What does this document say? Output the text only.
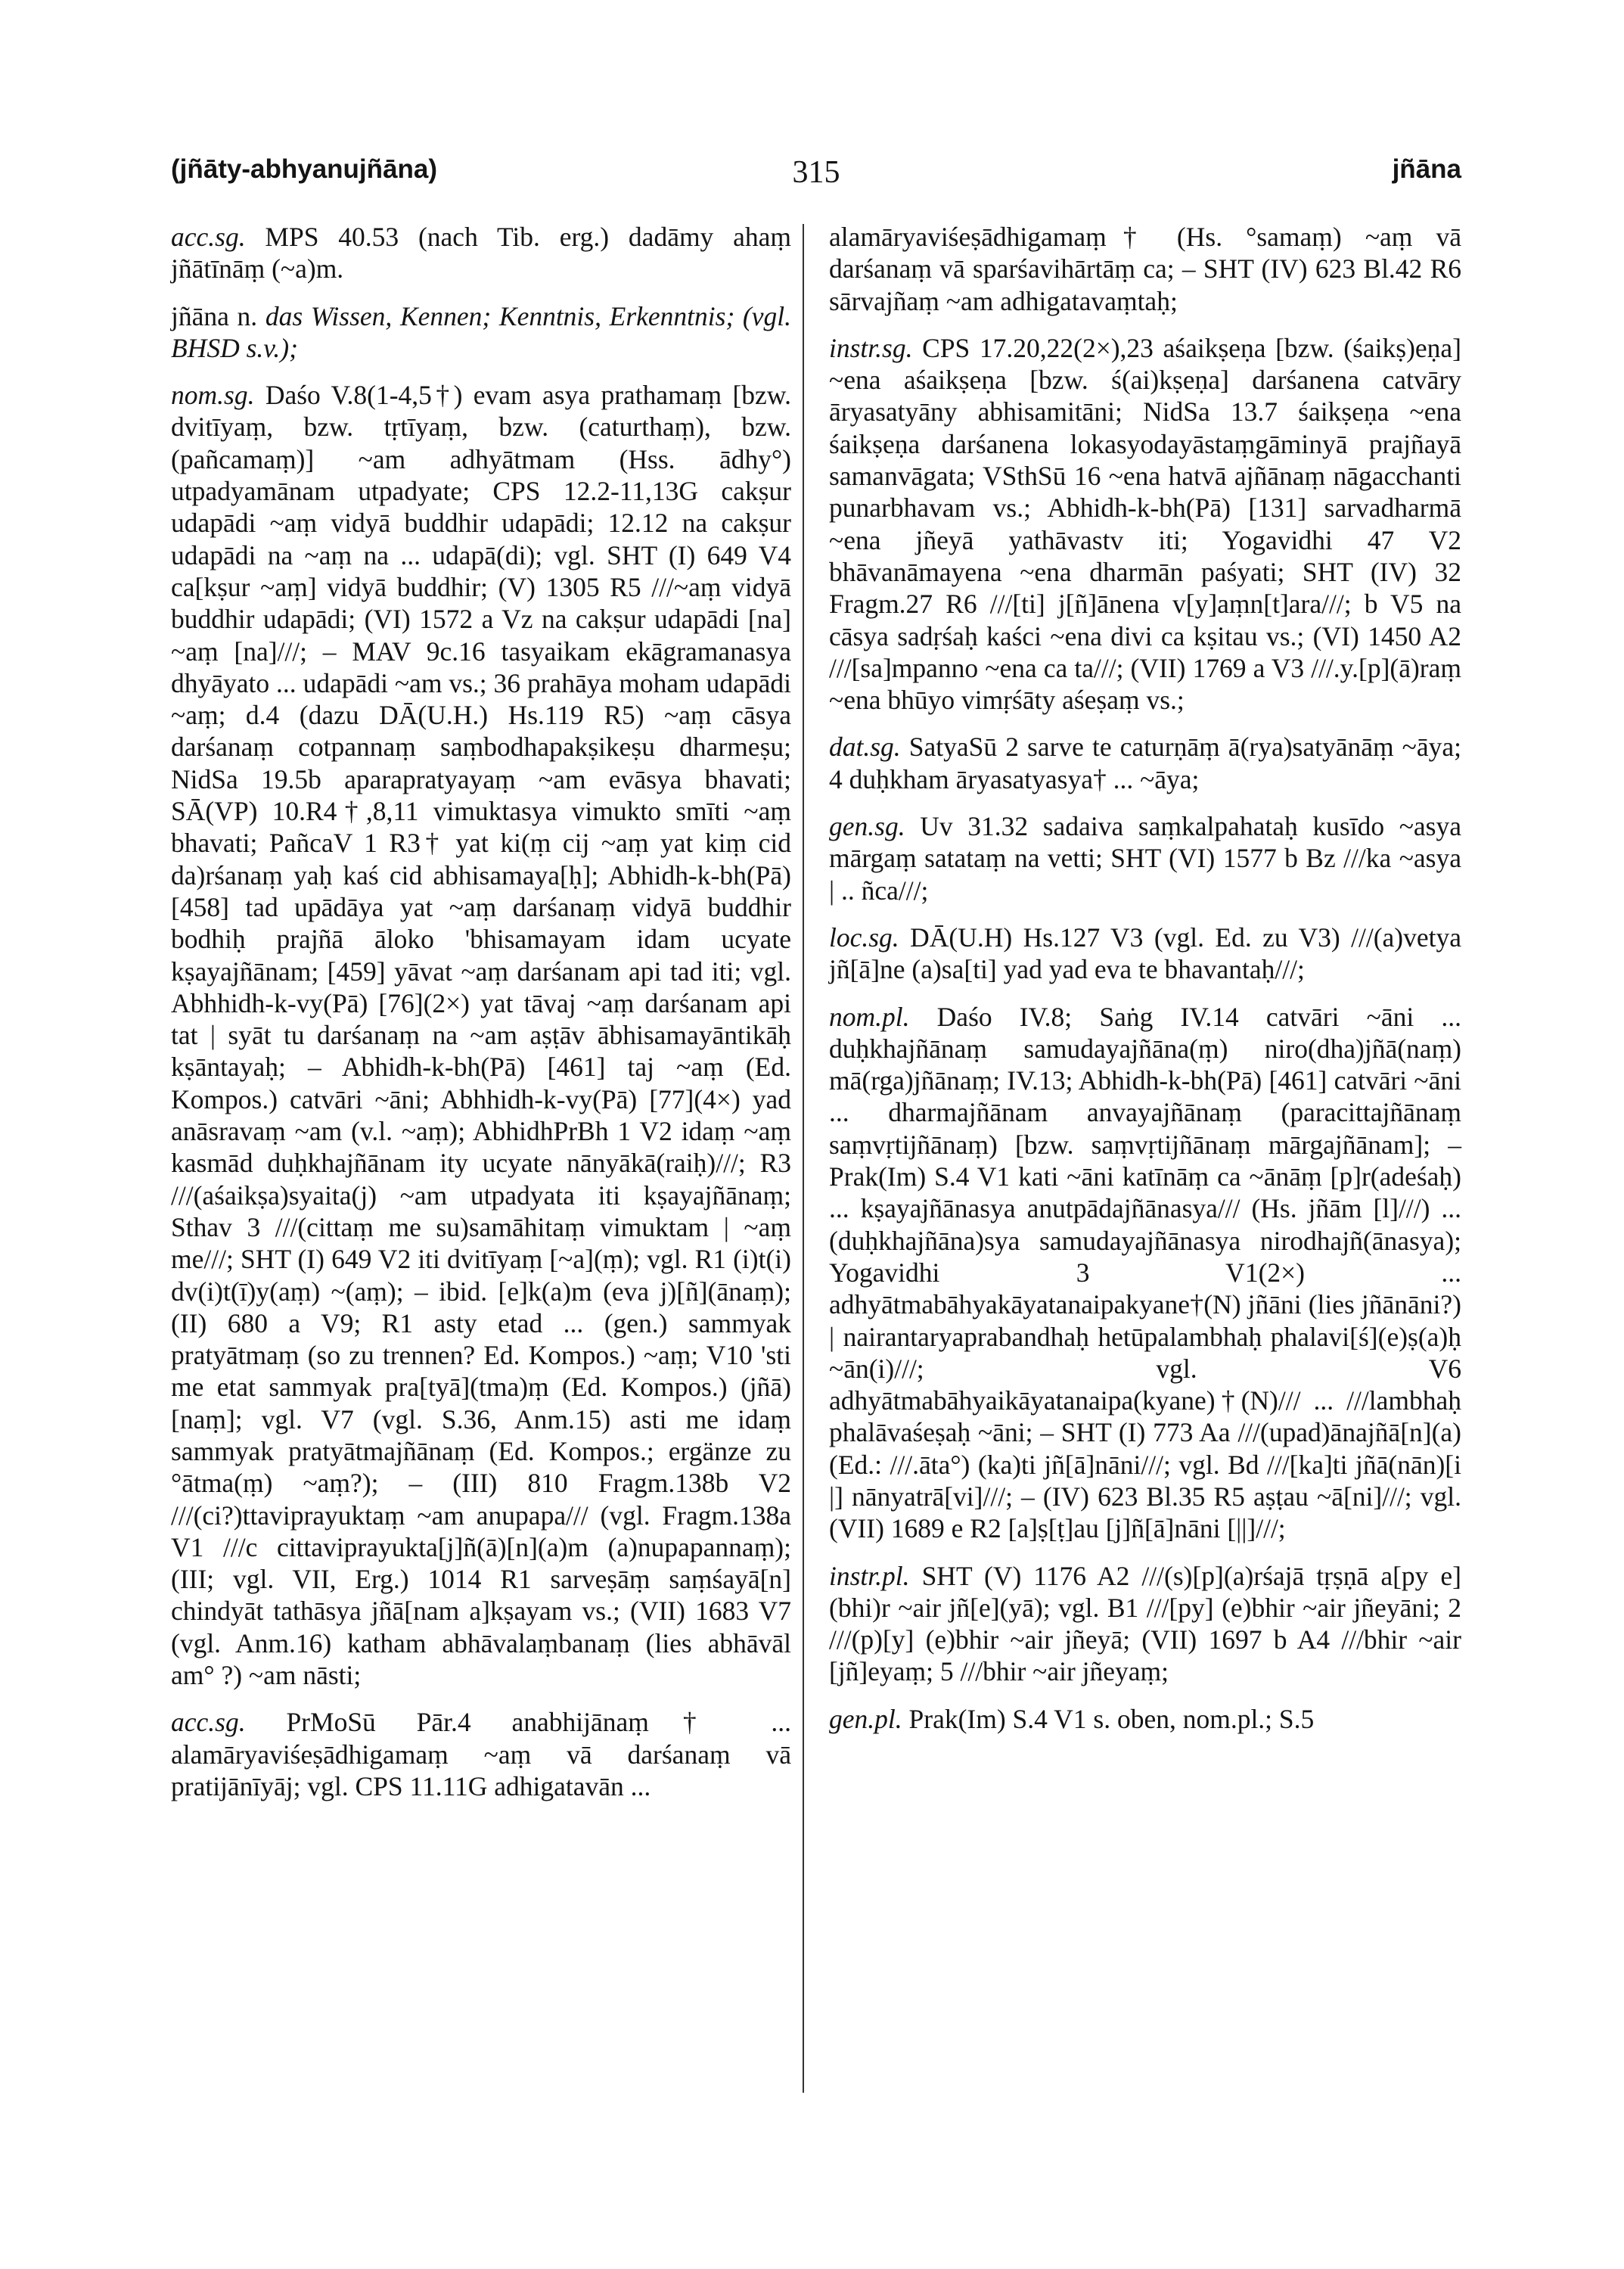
(jñāty-abhyanujñāna)	315	jñāna

acc.sg. MPS 40.53 (nach Tib. erg.) dadāmy ahaṃ jñātīnāṃ (~a)m.

jñāna n. das Wissen, Kennen; Kenntnis, Erkenntnis; (vgl. BHSD s.v.);

nom.sg. Daśo V.8(1-4,5†) evam asya prathamaṃ [bzw. dvitīyaṃ, bzw. tṛtīyaṃ, bzw. (caturthaṃ), bzw. (pañcamaṃ)] ~am adhyātmam (Hss. ādhy°) utpadyamānam utpadyate; CPS 12.2-11,13G cakṣur udapādi ~aṃ vidyā buddhir udapādi; 12.12 na cakṣur udapādi na ~aṃ na ... udapā(di); vgl. SHT (I) 649 V4 ca[kṣur ~aṃ] vidyā buddhir; (V) 1305 R5 ///~aṃ vidyā buddhir udapādi; (VI) 1572 a Vz na cakṣur udapādi [na] ~aṃ [na]///; – MAV 9c.16 tasyaikam ekāgramanasya dhyāyato ... udapādi ~am vs.; 36 prahāya moham udapādi ~aṃ; d.4 (dazu DĀ(U.H.) Hs.119 R5) ~aṃ cāsya darśanaṃ cotpannaṃ saṃbodhapakṣikeṣu dharmeṣu; NidSa 19.5b aparapratyayaṃ ~am evāsya bhavati; SĀ(VP) 10.R4†,8,11 vimuktasya vimukto smīti ~aṃ bhavati; PañcaV 1 R3† yat ki(ṃ cij ~aṃ yat kiṃ cid da)rśanaṃ yaḥ kaś cid abhisamaya[ḥ]; Abhidh-k-bh(Pā) [458] tad upādāya yat ~aṃ darśanaṃ vidyā buddhir bodhiḥ prajñā āloko 'bhisamayam idam ucyate kṣayajñānam; [459] yāvat ~aṃ darśanam api tad iti; vgl. Abhhidh-k-vy(Pā) [76](2×) yat tāvaj ~aṃ darśanam api tat | syāt tu darśanaṃ na ~am aṣṭāv ābhisamayāntikāḥ kṣāntayaḥ; – Abhidh-k-bh(Pā) [461] taj ~aṃ (Ed. Kompos.) catvāri ~āni; Abhhidh-k-vy(Pā) [77](4×) yad anāsravaṃ ~am (v.l. ~aṃ); AbhidhPrBh 1 V2 idaṃ ~aṃ kasmād duḥkhajñānam ity ucyate nānyākā(raiḥ)///; R3 ///(aśaikṣa)syaita(j) ~am utpadyata iti kṣayajñānaṃ; Sthav 3 ///(cittaṃ me su)samāhitaṃ vimuktam | ~aṃ me///; SHT (I) 649 V2 iti dvitīyaṃ [~a](ṃ); vgl. R1 (i)t(i) dv(i)t(ī)y(aṃ) ~(aṃ); – ibid. [e]k(a)m (eva j)[ñ](ānaṃ); (II) 680 a V9; R1 asty etad ... (gen.) sammyak pratyātmaṃ (so zu trennen? Ed. Kompos.) ~aṃ; V10 'sti me etat sammyak pra[tyā](tma)ṃ (Ed. Kompos.) (jñā)[naṃ]; vgl. V7 (vgl. S.36, Anm.15) asti me idaṃ sammyak pratyātmajñānaṃ (Ed. Kompos.; ergänze zu °ātma(ṃ) ~aṃ?); – (III) 810 Fragm.138b V2 ///(ci?)ttaviprayuktaṃ ~am anupapa/// (vgl. Fragm.138a V1 ///c cittaviprayukta[j]ñ(ā)[n](a)m (a)nupapannaṃ); (III; vgl. VII, Erg.) 1014 R1 sarveṣāṃ saṃśayā[n] chindyāt tathāsya jñā[nam a]kṣayam vs.; (VII) 1683 V7 (vgl. Anm.16) katham abhāvalaṃbanaṃ (lies abhāvāl am° ?) ~am nāsti;

acc.sg. PrMoSū Pār.4 anabhijānaṃ† ... alamāryaviśeṣādhigamaṃ ~aṃ vā darśanaṃ vā pratijānīyāj; vgl. CPS 11.11G adhigatavān ...

alamāryaviśeṣādhigamaṃ† (Hs. °samaṃ) ~aṃ vā darśanaṃ vā sparśavihārtāṃ ca; – SHT (IV) 623 Bl.42 R6 sārvajñaṃ ~am adhigatavaṃtaḥ;

instr.sg. CPS 17.20,22(2×),23 aśaikṣeṇa [bzw. (śaikṣ)eṇa] ~ena aśaikṣeṇa [bzw. ś(ai)kṣeṇa] darśanena catvāry āryasatyāny abhisamitāni; NidSa 13.7 śaikṣeṇa ~ena śaikṣeṇa darśanena lokasyodayāstaṃgāminyā prajñayā samanvāgata; VSthSū 16 ~ena hatvā ajñānaṃ nāgacchanti punarbhavam vs.; Abhidh-k-bh(Pā) [131] sarvadharmā ~ena jñeyā yathāvastv iti; Yogavidhi 47 V2 bhāvanāmayena ~ena dharmān paśyati; SHT (IV) 32 Fragm.27 R6 ///[ti] j[ñ]ānena v[y]aṃn[t]ara///; b V5 na cāsya sadṛśaḥ kaści ~ena divi ca kṣitau vs.; (VI) 1450 A2 ///[sa]mpanno ~ena ca ta///; (VII) 1769 a V3 ///.y.[p](ā)raṃ ~ena bhūyo vimṛśāty aśeṣaṃ vs.;

dat.sg. SatyaSū 2 sarve te caturṇāṃ ā(rya)satyānāṃ ~āya; 4 duḥkham āryasatyasya† ... ~āya;

gen.sg. Uv 31.32 sadaiva saṃkalpahataḥ kusīdo ~asya mārgaṃ satataṃ na vetti; SHT (VI) 1577 b Bz ///ka ~asya | .. ñca///;

loc.sg. DĀ(U.H) Hs.127 V3 (vgl. Ed. zu V3) ///(a)vetya jñ[ā]ne (a)sa[ti] yad yad eva te bhavantaḥ///;

nom.pl. Daśo IV.8; Saṅg IV.14 catvāri ~āni ... duḥkhajñānaṃ samudayajñāna(ṃ) niro(dha)jñā(naṃ) mā(rga)jñānaṃ; IV.13; Abhidh-k-bh(Pā) [461] catvāri ~āni ... dharmajñānam anvayajñānaṃ (paracittajñānaṃ saṃvṛtijñānaṃ) [bzw. saṃvṛtijñānaṃ mārgajñānam]; – Prak(Im) S.4 V1 kati ~āni katīnāṃ ca ~ānāṃ [p]r(adeśaḥ) ... kṣayajñānasya anutpādajñānasya/// (Hs. jñām [l]///) ... (duḥkhajñāna)sya samudayajñānasya nirodhajñ(ānasya); Yogavidhi 3 V1(2×) ... adhyātmabāhyakāyatanaipakyane†(N) jñāni (lies jñānāni?) | nairantaryaprabandhaḥ hetūpalambhaḥ phalavi[ś](e)ṣ(a)ḥ ~ān(i)///; vgl. V6 adhyātmabāhyaikāyatanaipa(kyane)†(N)/// ... ///lambhaḥ phalāvaśeṣaḥ ~āni; – SHT (I) 773 Aa ///(upad)ānajñā[n](a) (Ed.: ///.āta°) (ka)ti jñ[ā]nāni///; vgl. Bd ///[ka]ti jñā(nān)[i |] nānyatrā[vi]///; – (IV) 623 Bl.35 R5 aṣṭau ~ā[ni]///; vgl. (VII) 1689 e R2 [a]ṣ[ṭ]au [j]ñ[ā]nāni [||]///;

instr.pl. SHT (V) 1176 A2 ///(s)[p](a)rśajā tṛṣṇā a[py e](bhi)r ~air jñ[e](yā); vgl. B1 ///[py] (e)bhir ~air jñeyāni; 2 ///(p)[y] (e)bhir ~air jñeyā; (VII) 1697 b A4 ///bhir ~air [jñ]eyaṃ; 5 ///bhir ~air jñeyaṃ;

gen.pl. Prak(Im) S.4 V1 s. oben, nom.pl.; S.5
